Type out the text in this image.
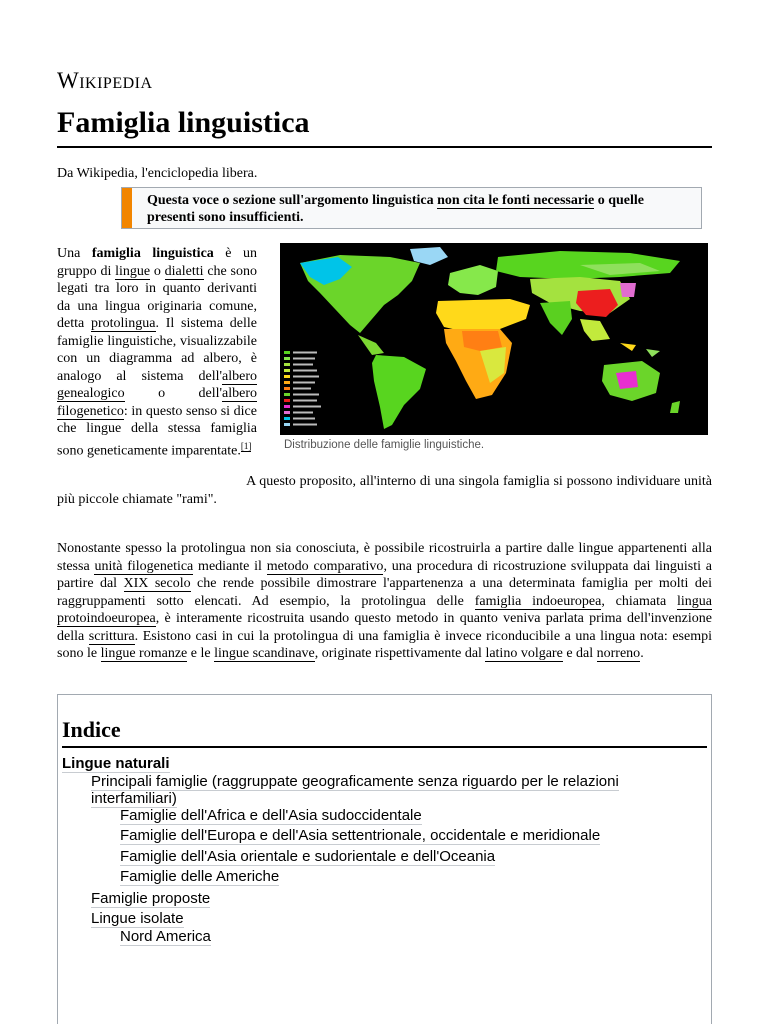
Wikipedia
Famiglia linguistica
Da Wikipedia, l'enciclopedia libera.
Questa voce o sezione sull'argomento linguistica non cita le fonti necessarie o quelle presenti sono insufficienti.
Distribuzione delle famiglie linguistiche.
Una famiglia linguistica è un gruppo di lingue o dialetti che sono legati tra loro in quanto derivanti da una lingua originaria comune, detta protolingua. Il sistema delle famiglie linguistiche, visualizzabile con un diagramma ad albero, è analogo al sistema dell'albero genealogico o dell'albero filogenetico: in questo senso si dice che lingue della stessa famiglia sono geneticamente imparentate.[1]
A questo proposito, all'interno di una singola famiglia si possono individuare unità più piccole chiamate "rami".
Nonostante spesso la protolingua non sia conosciuta, è possibile ricostruirla a partire dalle lingue appartenenti alla stessa unità filogenetica mediante il metodo comparativo, una procedura di ricostruzione sviluppata dai linguisti a partire dal XIX secolo che rende possibile dimostrare l'appartenenza a una determinata famiglia per molti dei raggruppamenti sotto elencati. Ad esempio, la protolingua delle famiglia indoeuropea, chiamata lingua protoindoeuropea, è interamente ricostruita usando questo metodo in quanto veniva parlata prima dell'invenzione della scrittura. Esistono casi in cui la protolingua di una famiglia è invece riconducibile a una lingua nota: esempi sono le lingue romanze e le lingue scandinave, originate rispettivamente dal latino volgare e dal norreno.
Indice
Lingue naturali
Principali famiglie (raggruppate geograficamente senza riguardo per le relazioni interfamiliari)
Famiglie dell'Africa e dell'Asia sudoccidentale
Famiglie dell'Europa e dell'Asia settentrionale, occidentale e meridionale
Famiglie dell'Asia orientale e sudorientale e dell'Oceania
Famiglie delle Americhe
Famiglie proposte
Lingue isolate
Nord America
